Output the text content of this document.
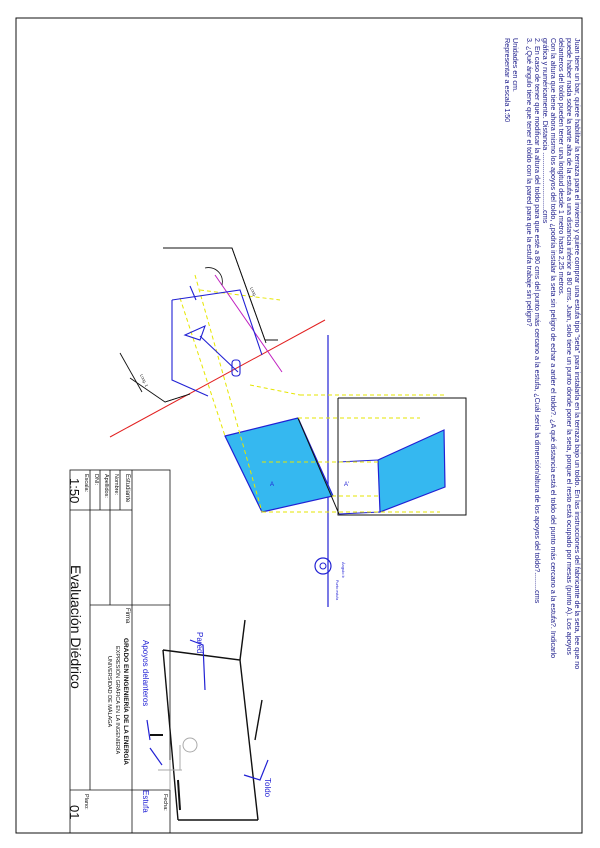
Ángulo b
Long.
Long. 1
A	A'
Punto estufa	Juan tiene un bar, quiere habilitar la terraza para el invierno y quiere comprar una estufa tipo "seta" para instalarla en la terraza bajo un toldo. En las instrucciones del fabricante de la seta, lee que no
puede haber nada sobre la parte alta de la estufa a una distancia inferior a 80 cms. Juan, solo tiene un punto donde poner la seta, porque el resto está ocupado por mesas (punto A). Los apoyos
delanteros del toldo pueden tener una longitud desde 1 metro hasta 2,25 metros.
Con la altura que tiene ahora mismo los apoyos del toldo, ¿podría instalar la seta sin peligro de echar a arder el toldo?. ¿A qué distancia está el toldo del punto más cercano a la estufa?. Indicarlo
gráfica y numéricamente. Distancia .............................cms
2. En caso de tener que modificar la altura del toldo para que esté a 80 cms del punto más cercano a la estufa, ¿Cuál sería la dimensión/altura de los apoyos del toldo?.........cms
3. ¿Qué ángulo tiene que tener el toldo con la pared para que la estufa trabaje sin peligro?
Unidades en cm.
Representar a escala 1:50
Pared
Apoyos delanteros
Toldo
Estufa
Estudiante
Firma
Nombre:
Apellidos:
DNI:
Escala:
1:50
GRADO EN INGENIERÍA DE LA ENERGÍA
EXPRESIÓN GRÁFICA EN LA INGENIERÍA
UNIVERSIDAD DE MÁLAGA
Evaluación Diédrico
Fecha:
Plano:
01
